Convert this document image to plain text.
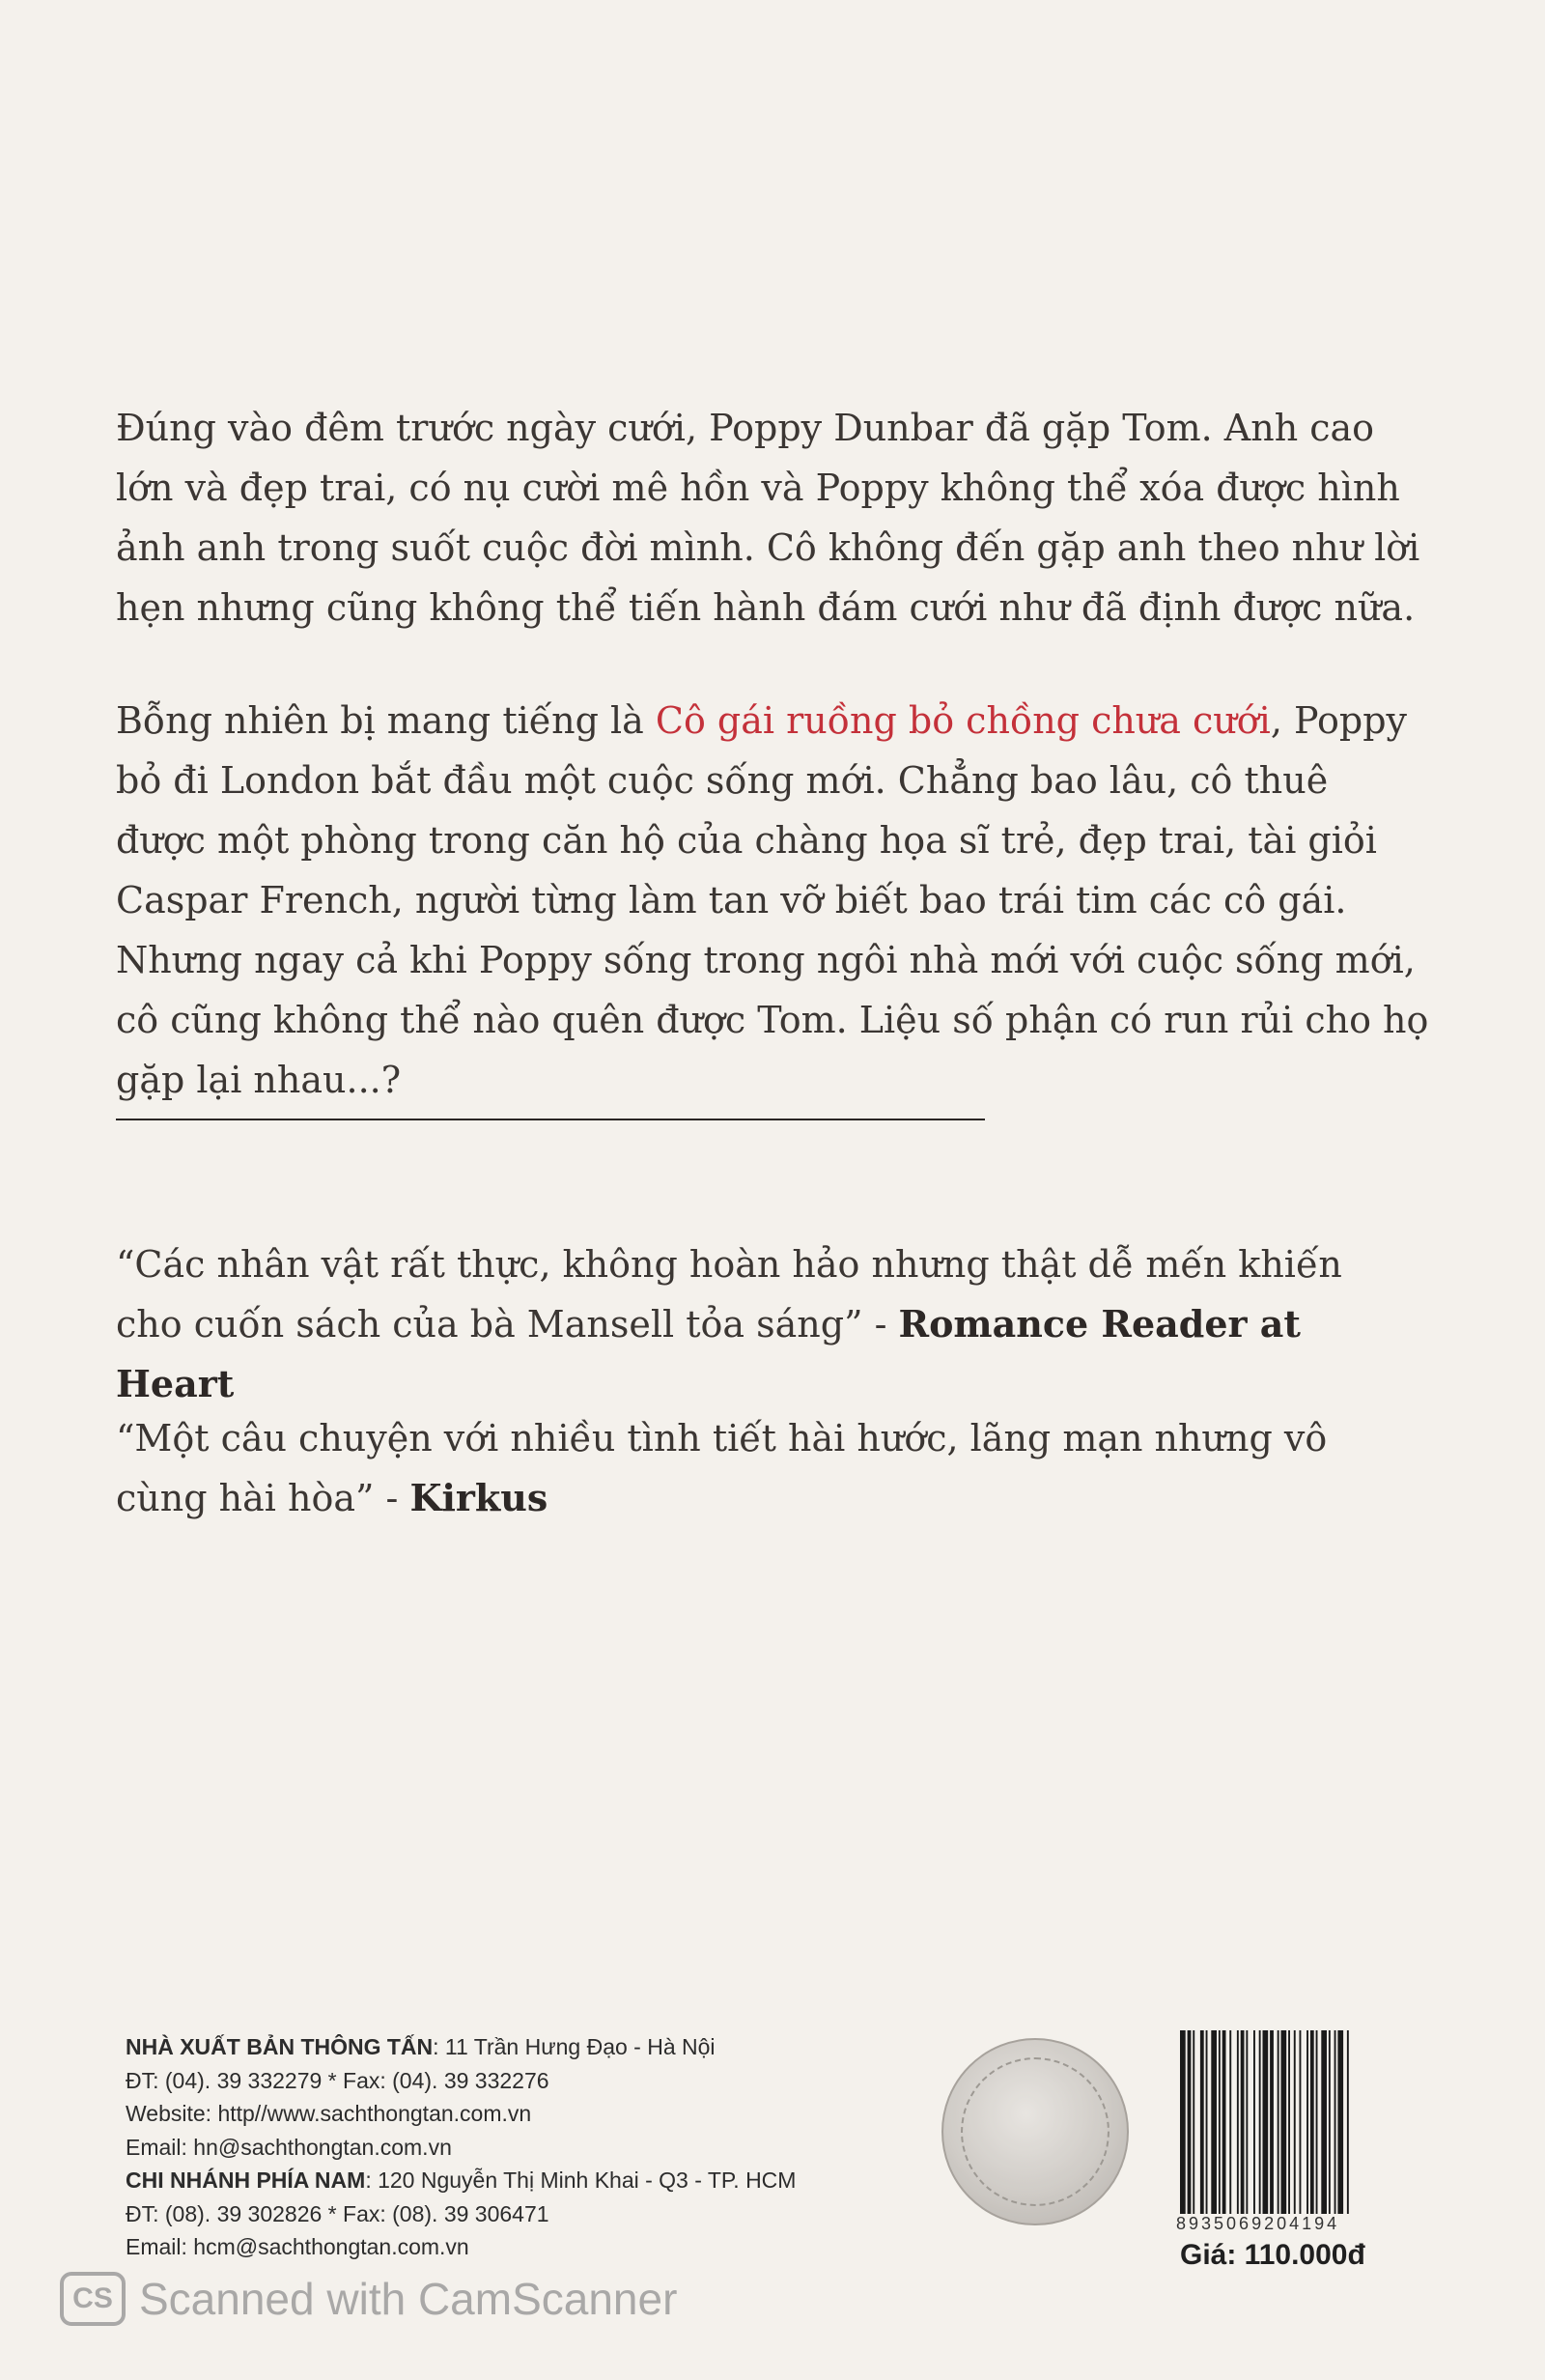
Đúng vào đêm trước ngày cưới, Poppy Dunbar đã gặp Tom. Anh cao lớn và đẹp trai, có nụ cười mê hồn và Poppy không thể xóa được hình ảnh anh trong suốt cuộc đời mình. Cô không đến gặp anh theo như lời hẹn nhưng cũng không thể tiến hành đám cưới như đã định được nữa.

Bỗng nhiên bị mang tiếng là Cô gái ruồng bỏ chồng chưa cưới, Poppy bỏ đi London bắt đầu một cuộc sống mới. Chẳng bao lâu, cô thuê được một phòng trong căn hộ của chàng họa sĩ trẻ, đẹp trai, tài giỏi Caspar French, người từng làm tan vỡ biết bao trái tim các cô gái. Nhưng ngay cả khi Poppy sống trong ngôi nhà mới với cuộc sống mới, cô cũng không thể nào quên được Tom. Liệu số phận có run rủi cho họ gặp lại nhau...?

“Các nhân vật rất thực, không hoàn hảo nhưng thật dễ mến khiến cho cuốn sách của bà Mansell tỏa sáng” - Romance Reader at Heart

“Một câu chuyện với nhiều tình tiết hài hước, lãng mạn nhưng vô cùng hài hòa” - Kirkus

NHÀ XUẤT BẢN THÔNG TẤN: 11 Trần Hưng Đạo - Hà Nội
ĐT: (04). 39 332279 * Fax: (04). 39 332276
Website: http//www.sachthongtan.com.vn
Email: hn@sachthongtan.com.vn
CHI NHÁNH PHÍA NAM: 120 Nguyễn Thị Minh Khai - Q3 - TP. HCM
ĐT: (08). 39 302826 * Fax: (08). 39 306471
Email: hcm@sachthongtan.com.vn
8935069204194
Giá: 110.000đ
CS Scanned with CamScanner
